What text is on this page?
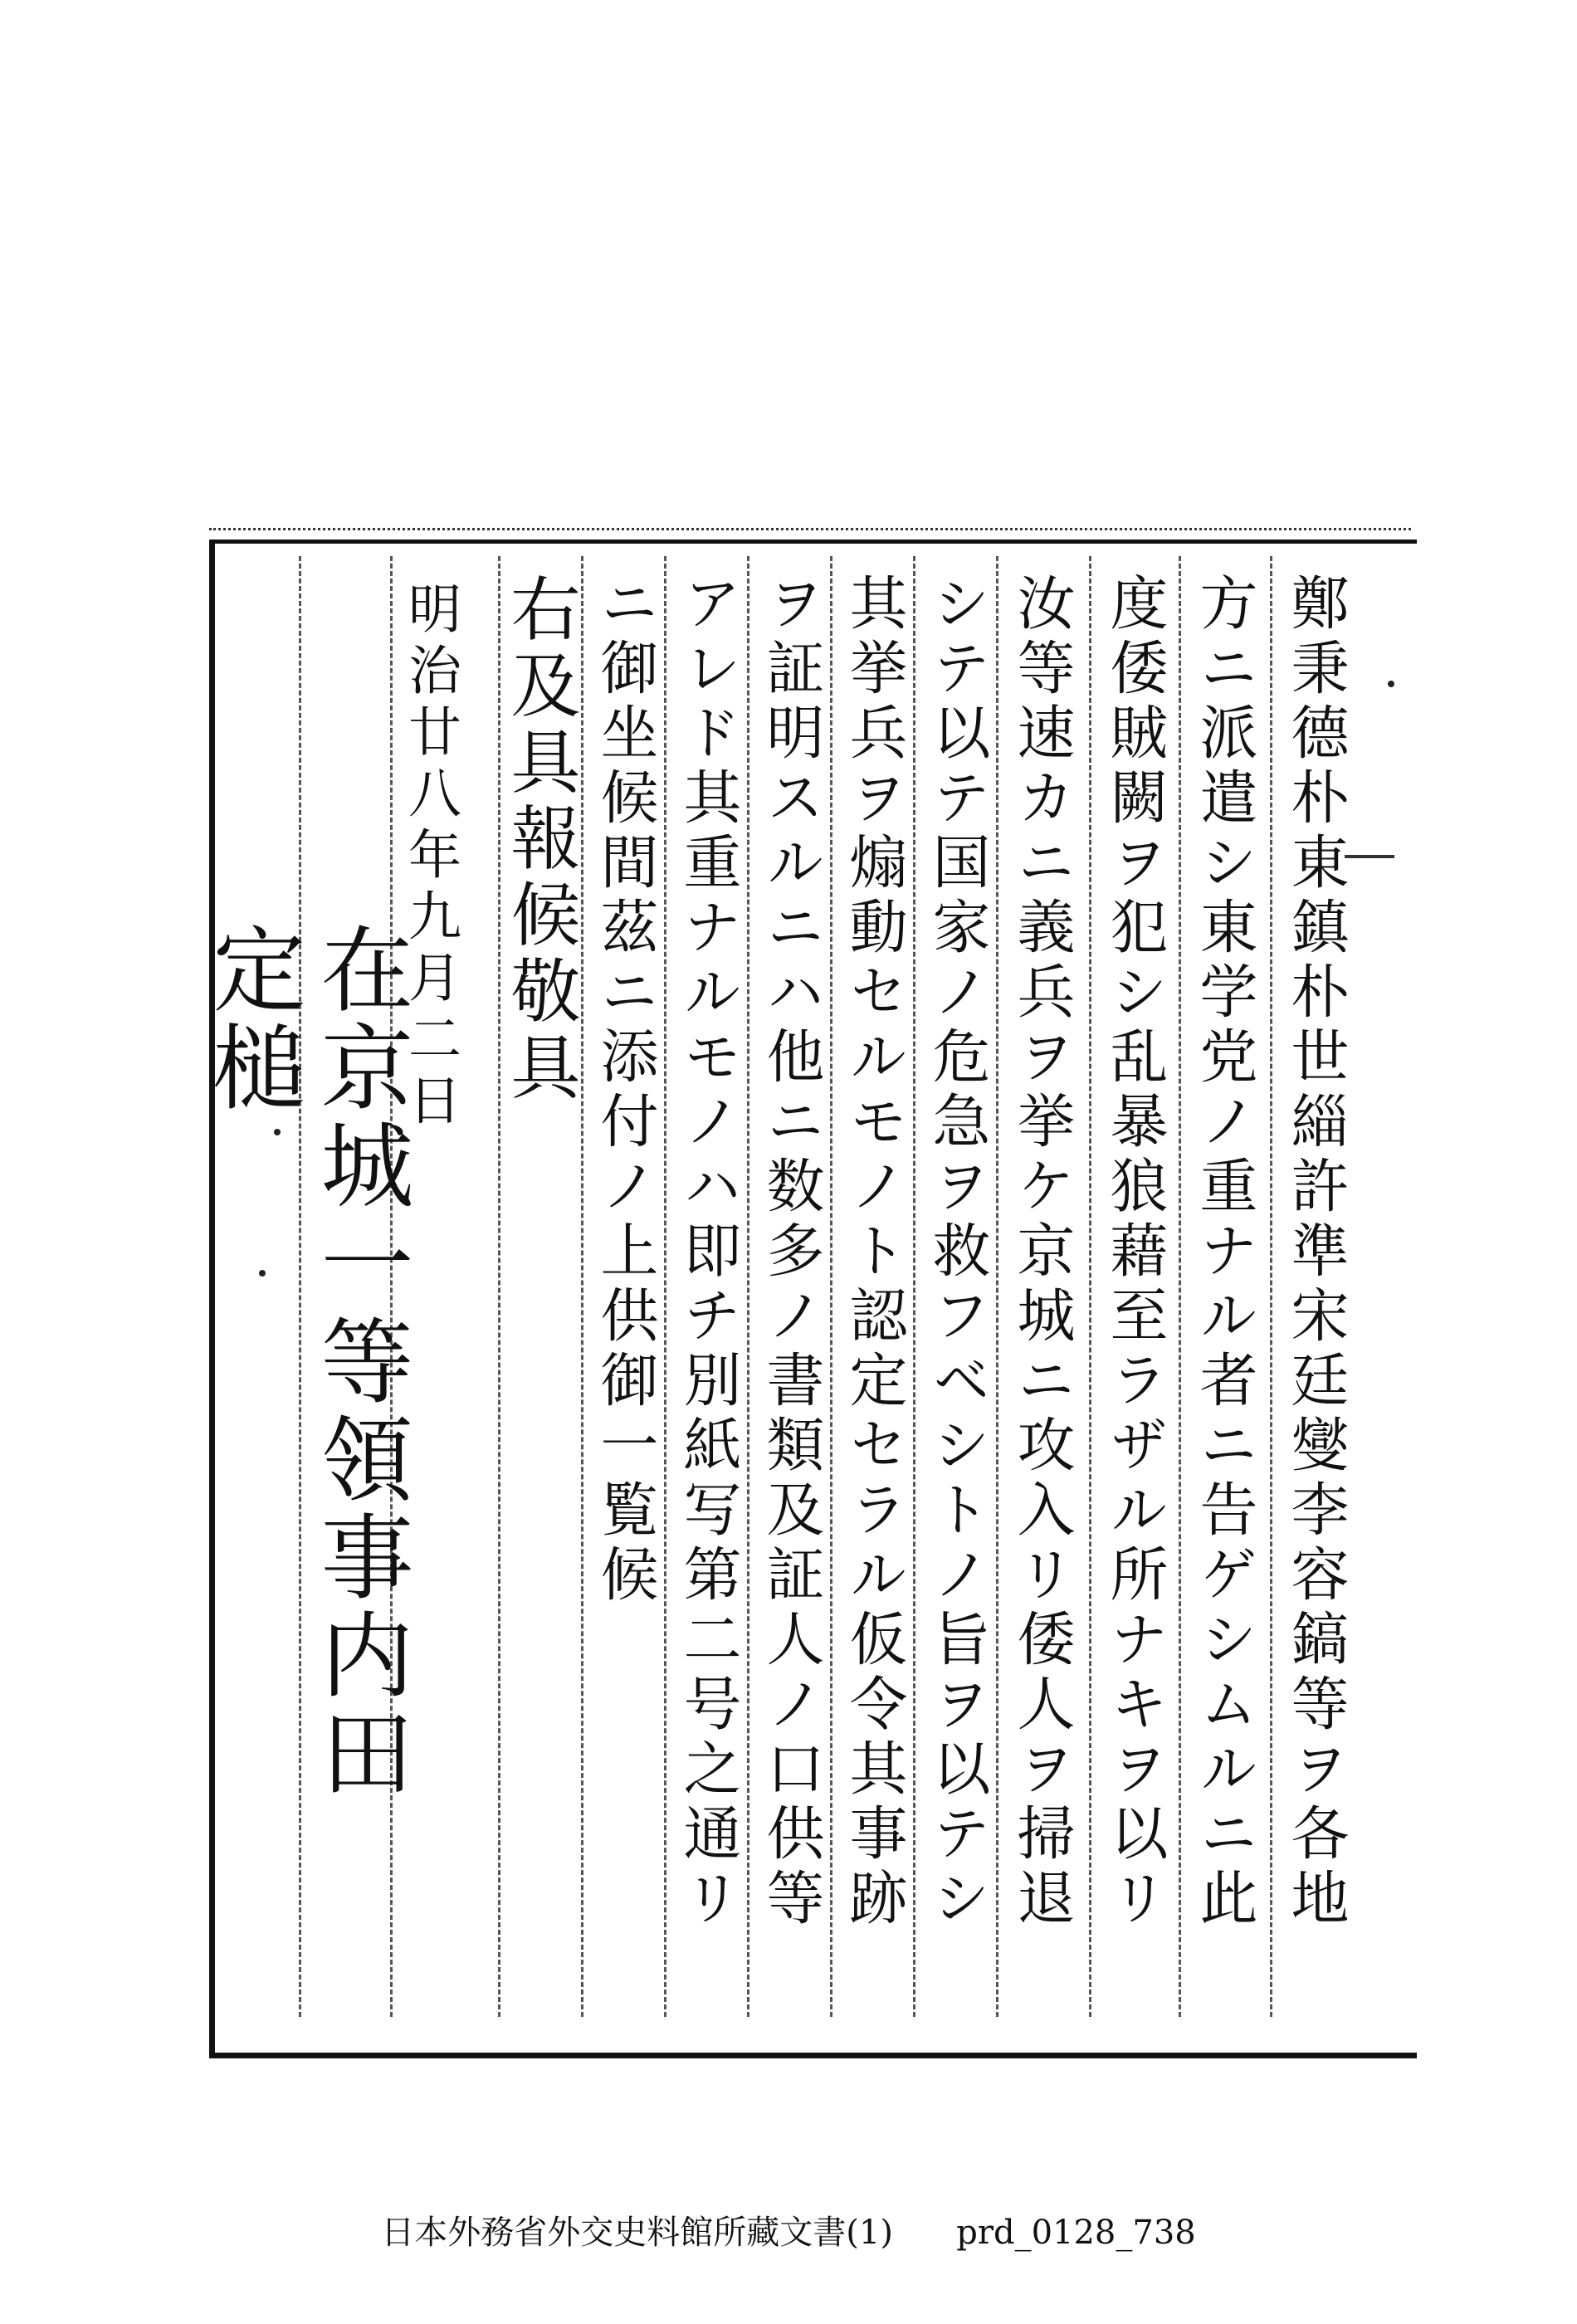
鄭秉德朴東鎮朴世緇許準宋廷燮李容鎬等ヲ各地
方ニ派遣シ東学党ノ重ナル者ニ告ゲシムルニ此
度倭賊闕ヲ犯シ乱暴狼藉至ラザル所ナキヲ以リ
汝等速カニ義兵ヲ挙ケ京城ニ攻入リ倭人ヲ掃退
シテ以テ国家ノ危急ヲ救フベシトノ旨ヲ以テシ
其挙兵ヲ煽動セルモノト認定セラル仮令其事跡
ヲ証明スルニハ他ニ数多ノ書類及証人ノ口供等
アレド其重ナルモノハ即チ別紙写第二号之通リ
ニ御坐候間茲ニ添付ノ上供御一覧候
右及具報候敬具
明治廿八年九月二日
在京城一等領事内田定槌
日本外務省外交史料館所藏文書(1) prd_0128_738
